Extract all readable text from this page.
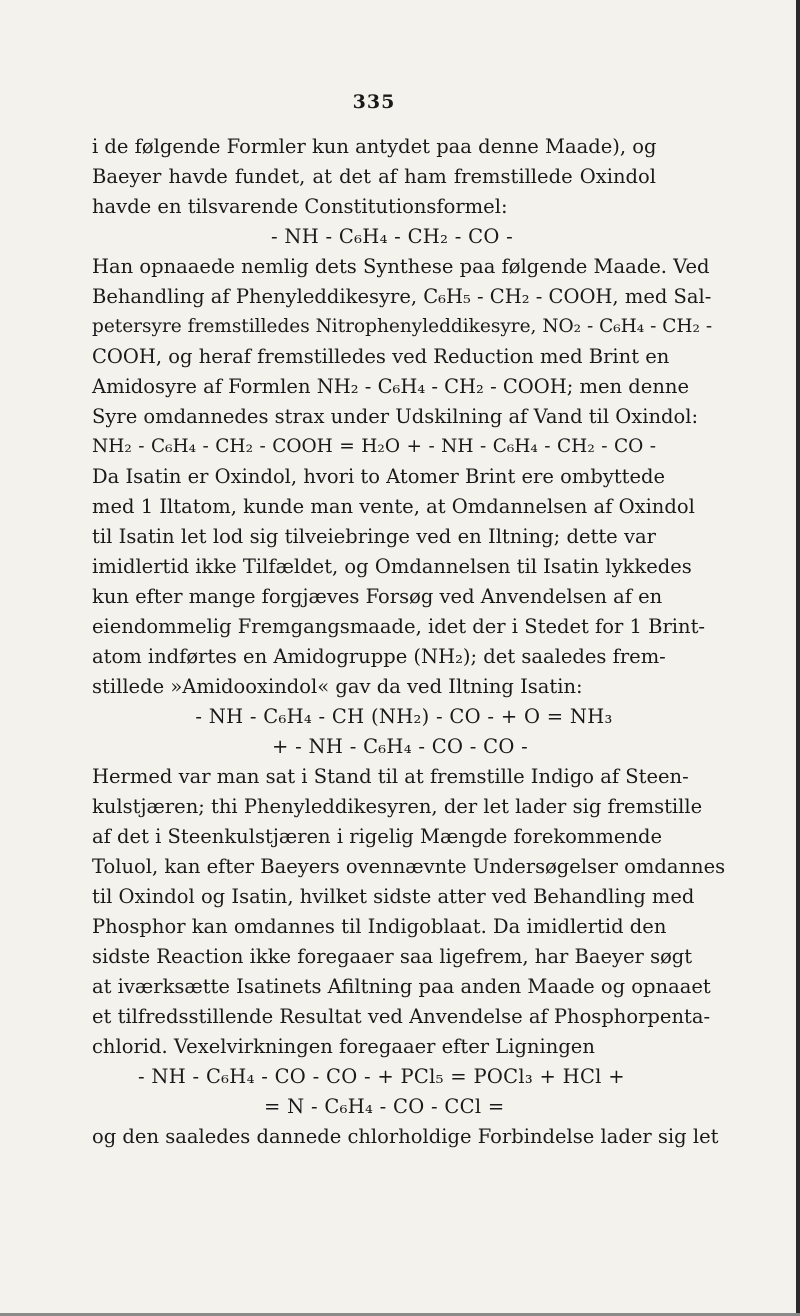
335
i de følgende Formler kun antydet paa denne Maade), og
Baeyer havde fundet, at det af ham fremstillede Oxindol
havde en tilsvarende Constitutionsformel:
- NH - C₆H₄ - CH₂ - CO -
Han opnaaede nemlig dets Synthese paa følgende Maade. Ved
Behandling af Phenyleddikesyre, C₆H₅ - CH₂ - COOH, med Sal-
petersyre fremstilledes Nitrophenyleddikesyre, NO₂ - C₆H₄ - CH₂ -
COOH, og heraf fremstilledes ved Reduction med Brint en
Amidosyre af Formlen NH₂ - C₆H₄ - CH₂ - COOH; men denne
Syre omdannedes strax under Udskilning af Vand til Oxindol:
NH₂ - C₆H₄ - CH₂ - COOH = H₂O + - NH - C₆H₄ - CH₂ - CO -
Da Isatin er Oxindol, hvori to Atomer Brint ere ombyttede
med 1 Iltatom, kunde man vente, at Omdannelsen af Oxindol
til Isatin let lod sig tilveiebringe ved en Iltning; dette var
imidlertid ikke Tilfældet, og Omdannelsen til Isatin lykkedes
kun efter mange forgjæves Forsøg ved Anvendelsen af en
eiendommelig Fremgangsmaade, idet der i Stedet for 1 Brint-
atom indførtes en Amidogruppe (NH₂); det saaledes frem-
stillede »Amidooxindol« gav da ved Iltning Isatin:
- NH - C₆H₄ - CH (NH₂) - CO - + O = NH₃
+ - NH - C₆H₄ - CO - CO -
Hermed var man sat i Stand til at fremstille Indigo af Steen-
kulstjæren; thi Phenyleddikesyren, der let lader sig fremstille
af det i Steenkulstjæren i rigelig Mængde forekommende
Toluol, kan efter Baeyers ovennævnte Undersøgelser omdannes
til Oxindol og Isatin, hvilket sidste atter ved Behandling med
Phosphor kan omdannes til Indigoblaat. Da imidlertid den
sidste Reaction ikke foregaaer saa ligefrem, har Baeyer søgt
at iværksætte Isatinets Afiltning paa anden Maade og opnaaet
et tilfredsstillende Resultat ved Anvendelse af Phosphorpenta-
chlorid. Vexelvirkningen foregaaer efter Ligningen
- NH - C₆H₄ - CO - CO - + PCl₅ = POCl₃ + HCl +
= N - C₆H₄ - CO - CCl =
og den saaledes dannede chlorholdige Forbindelse lader sig let
